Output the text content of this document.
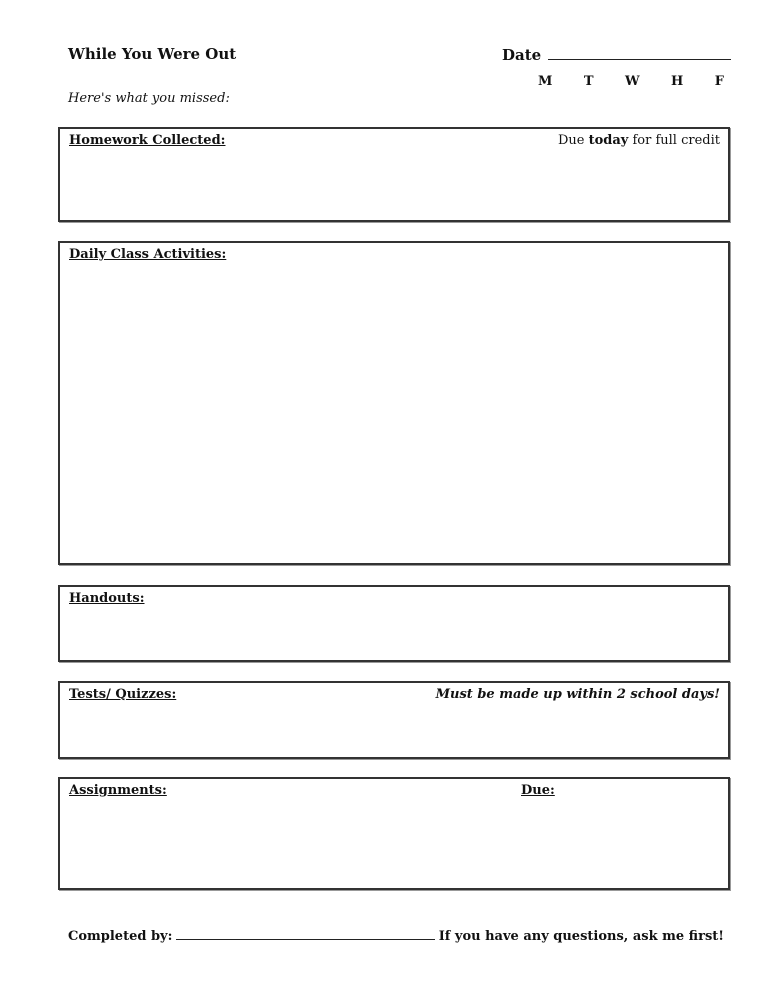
While You Were Out	Date
M T W H F
Here's what you missed:
Homework Collected:	Due today for full credit
Daily Class Activities:
Handouts:
Tests/ Quizzes:	Must be made up within 2 school days!
Assignments:	Due:
Completed by:	If you have any questions, ask me first!
